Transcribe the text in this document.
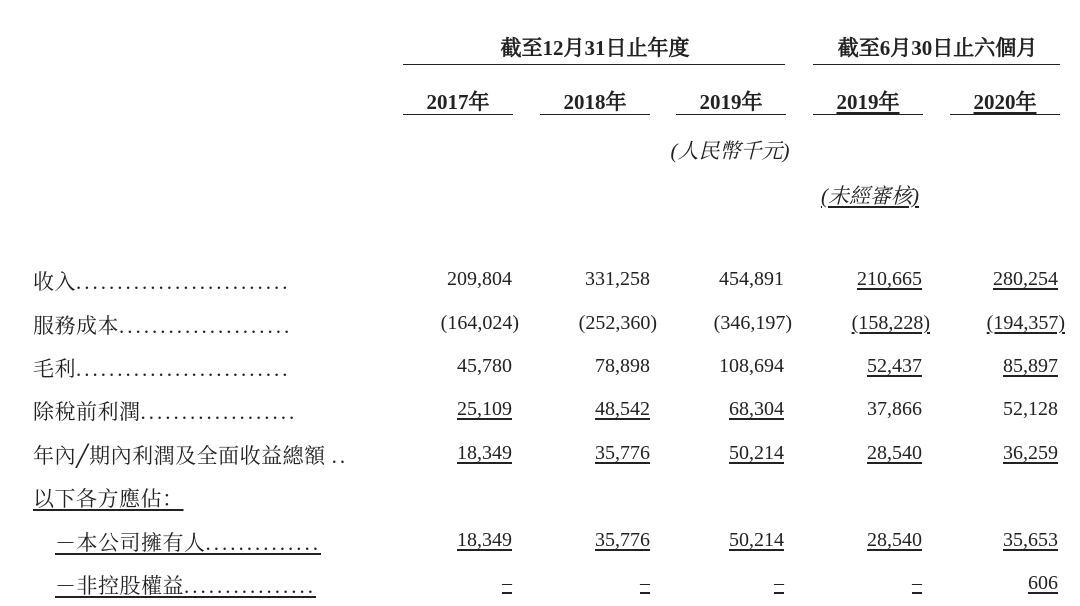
截至12月31日止年度	截至6月30日止六個月
2017年	2018年	2019年	2019年	2020年
(人民幣千元)
(未經審核)
收入..........................	209,804	331,258	454,891	210,665	280,254
服務成本.....................	(164,024)	(252,360)	(346,197)	(158,228)	(194,357)
毛利..........................	45,780	78,898	108,694	52,437	85,897
除稅前利潤...................	25,109	48,542	68,304	37,866	52,128
年內╱期內利潤及全面收益總額 ..	18,349	35,776	50,214	28,540	36,259
以下各方應佔：
－本公司擁有人..............	18,349	35,776	50,214	28,540	35,653
－非控股權益................	–	–	–	–	606
